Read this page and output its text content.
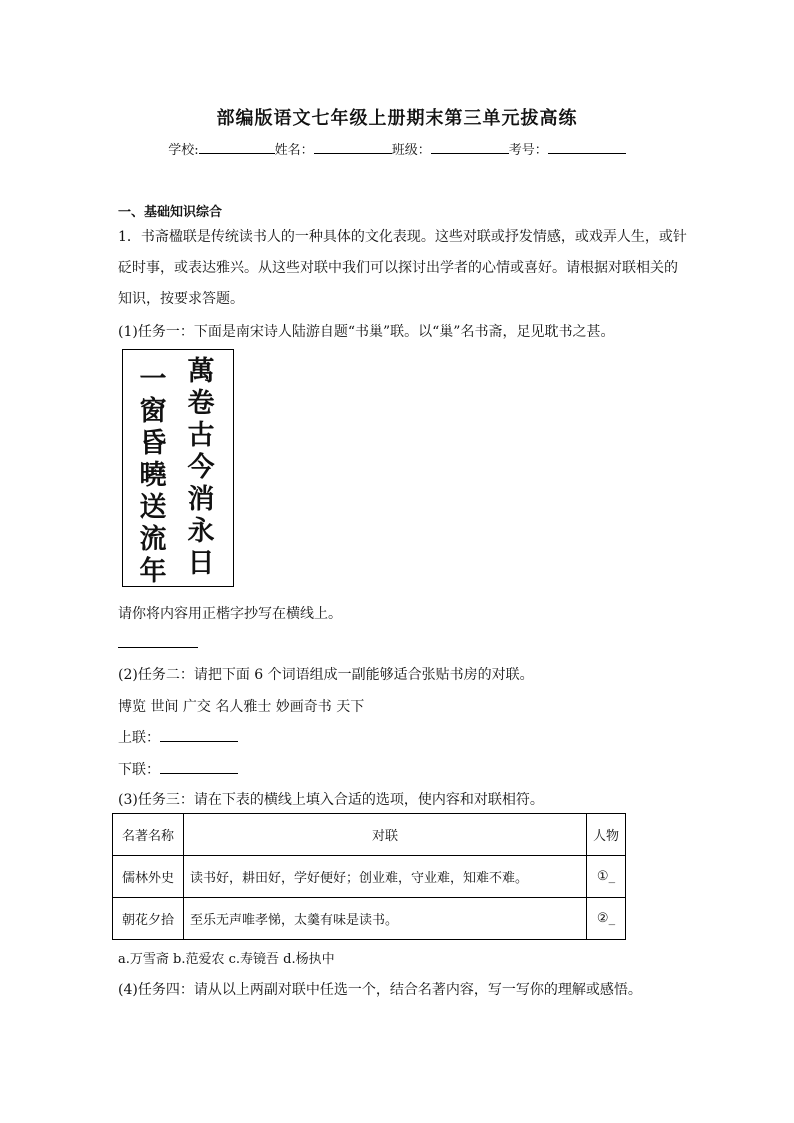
部编版语文七年级上册期末第三单元拔高练
学校:	姓名：	班级：	考号：
一、基础知识综合
1．书斋楹联是传统读书人的一种具体的文化表现。这些对联或抒发情感，或戏弄人生，或针砭时事，或表达雅兴。从这些对联中我们可以探讨出学者的心情或喜好。请根据对联相关的知识，按要求答题。
(1)任务一：下面是南宋诗人陆游自题“书巢”联。以“巢”名书斋，足见耽书之甚。
萬
卷
古
今
消
永
日
一
窗
昏
曉
送
流
年
请你将内容用正楷字抄写在横线上。
(2)任务二：请把下面 6 个词语组成一副能够适合张贴书房的对联。
博览 世间 广交 名人雅士 妙画奇书 天下
上联：
下联：
(3)任务三：请在下表的横线上填入合适的选项，使内容和对联相符。
名著名称	对联	人物
儒林外史	读书好，耕田好，学好便好；创业难，守业难，知难不难。	①_
朝花夕拾	至乐无声唯孝悌，太羹有味是读书。	②_
a.万雪斋 b.范爱农 c.寿镜吾 d.杨执中
(4)任务四：请从以上两副对联中任选一个，结合名著内容，写一写你的理解或感悟。
